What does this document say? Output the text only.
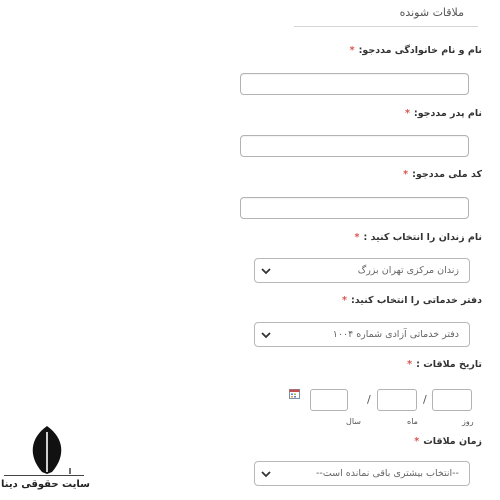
ملاقات شونده
نام و نام خانوادگی مددجو:*
نام پدر مددجو:*
کد ملی مددجو:*
نام زندان را انتخاب کنید :*
زندان مرکزی تهران بزرگ
دفتر خدماتی را انتخاب کنید:*
دفتر خدماتی آزادی شماره ۱۰۰۴
تاریخ ملاقات :*
/	/
سال	ماه	روز
زمان ملاقات*
--انتخاب بیشتری باقی نمانده است--
سایت حقوقی دینا
